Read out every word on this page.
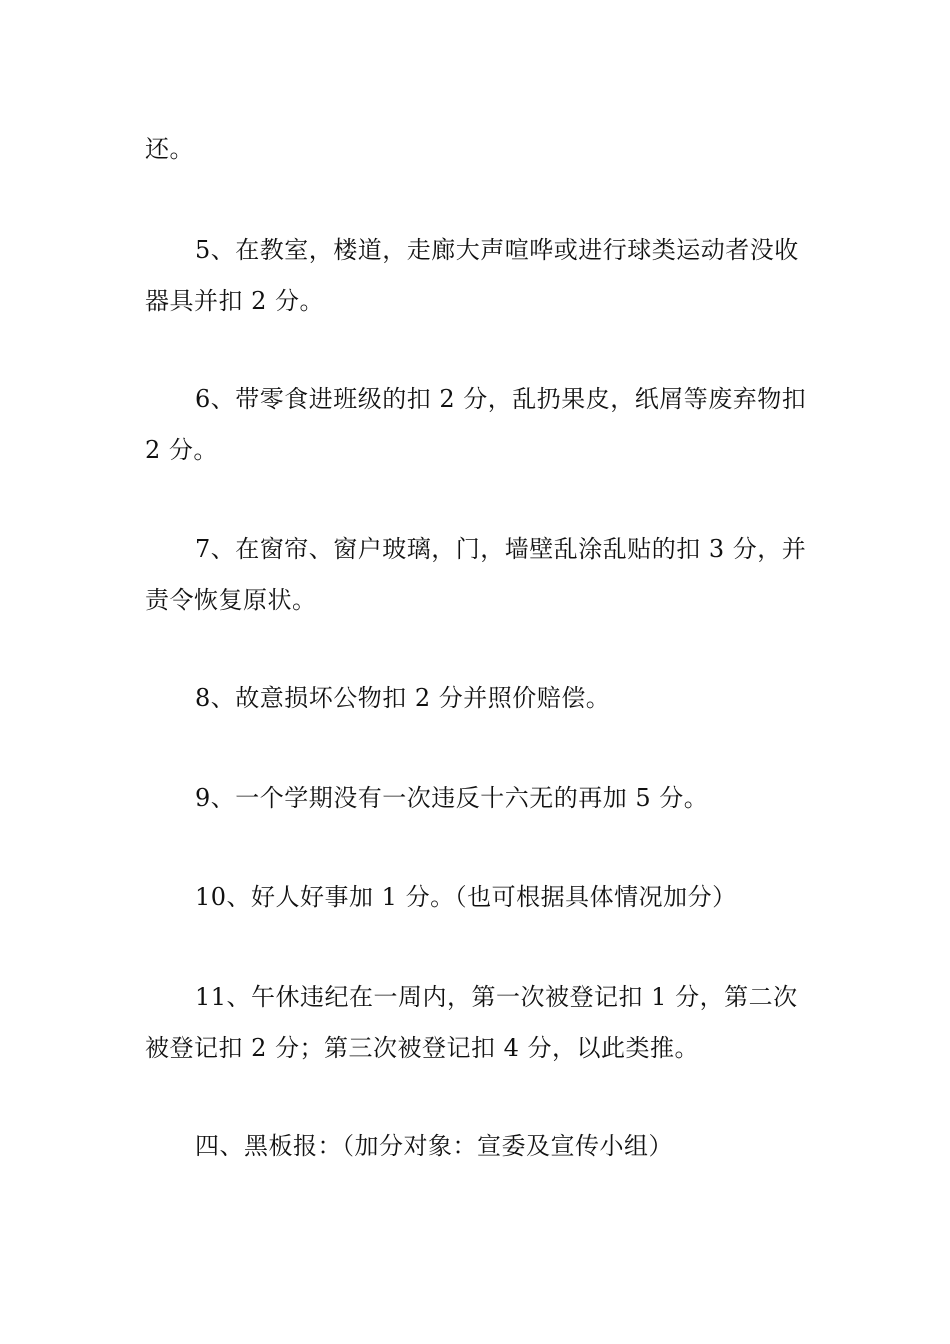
还。

5、在教室，楼道，走廊大声喧哗或进行球类运动者没收器具并扣 2 分。

6、带零食进班级的扣 2 分，乱扔果皮，纸屑等废弃物扣 2 分。

7、在窗帘、窗户玻璃，门，墙壁乱涂乱贴的扣 3 分，并责令恢复原状。

8、故意损坏公物扣 2 分并照价赔偿。

9、一个学期没有一次违反十六无的再加 5 分。

10、好人好事加 1 分。（也可根据具体情况加分）

11、午休违纪在一周内，第一次被登记扣 1 分，第二次被登记扣 2 分；第三次被登记扣 4 分，以此类推。

四、黑板报：（加分对象：宣委及宣传小组）
